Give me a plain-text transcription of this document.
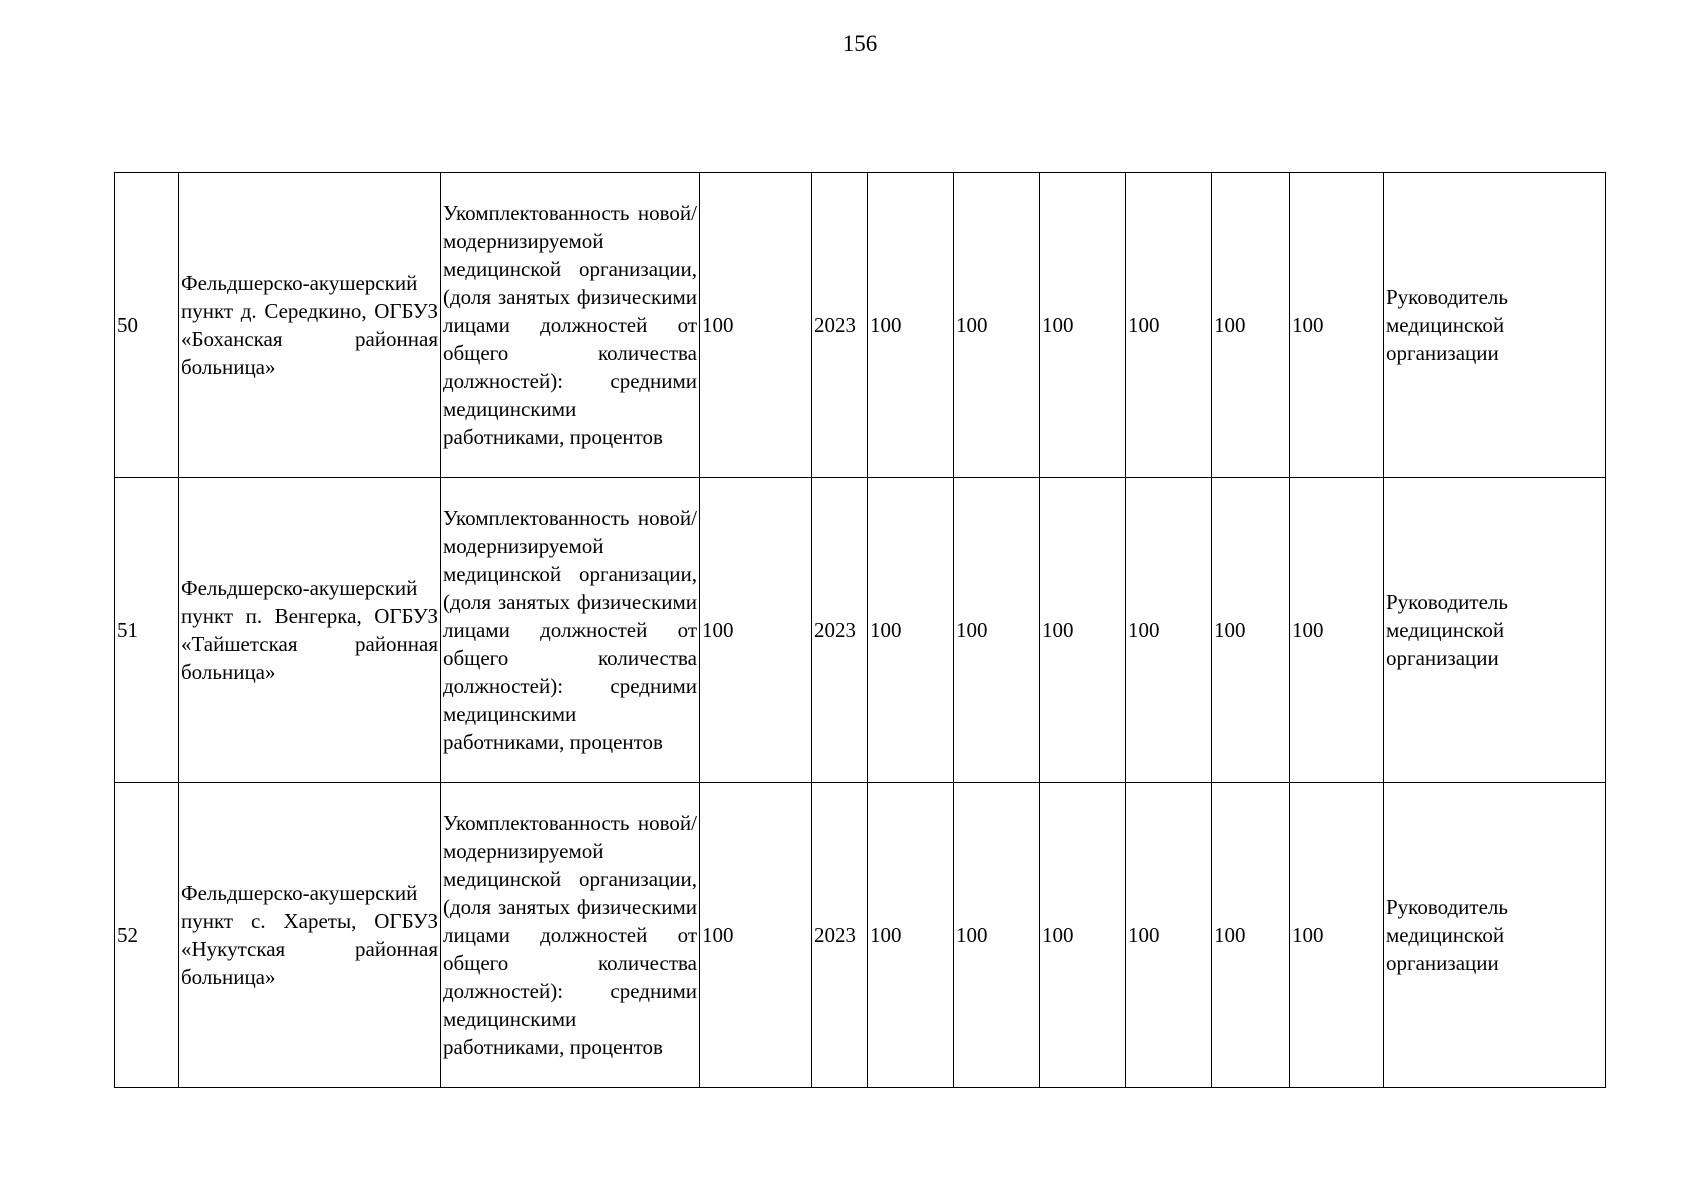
156
50	Фельдшерско-акушерский пункт д. Середкино, ОГБУЗ «Боханская районная больница»	Укомплектованность новой/модернизируемой медицинской организации, (доля занятых физическими лицами должностей от общего количества должностей): средними медицинскими работниками, процентов	100	2023	100	100	100	100	100	100	Руководитель медицинской организации
51	Фельдшерско-акушерский пункт п. Венгерка, ОГБУЗ «Тайшетская районная больница»	Укомплектованность новой/модернизируемой медицинской организации, (доля занятых физическими лицами должностей от общего количества должностей): средними медицинскими работниками, процентов	100	2023	100	100	100	100	100	100	Руководитель медицинской организации
52	Фельдшерско-акушерский пункт с. Хареты, ОГБУЗ «Нукутская районная больница»	Укомплектованность новой/модернизируемой медицинской организации, (доля занятых физическими лицами должностей от общего количества должностей): средними медицинскими работниками, процентов	100	2023	100	100	100	100	100	100	Руководитель медицинской организации
